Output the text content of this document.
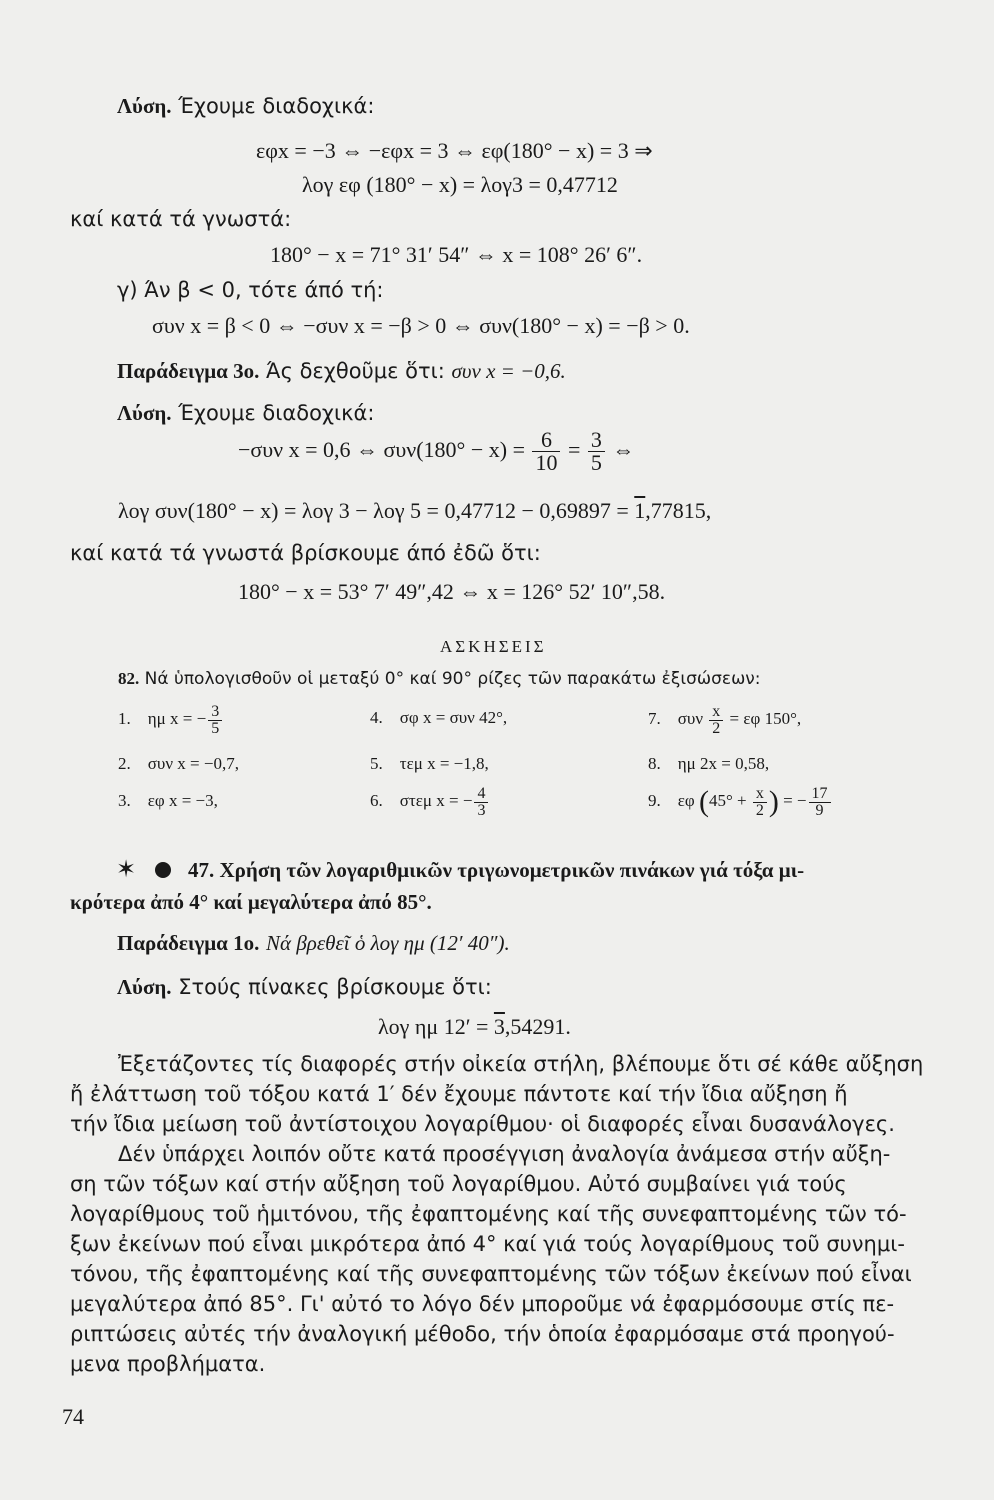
Λύση. Έχουμε διαδοχικά:
εφx = −3 ⇔ −εφx = 3 ⇔ εφ(180° − x) = 3 ⇒
λογ εφ (180° − x) = λογ3 = 0,47712
καί κατά τά γνωστά:
180° − x = 71° 31′ 54″ ⇔ x = 108° 26′ 6″.
γ) Άν β < 0, τότε άπό τή:
συν x = β < 0 ⇔ −συν x = −β > 0 ⇔ συν(180° − x) = −β > 0.
Παράδειγμα 3ο. Άς δεχθοῦμε ὅτι: συν x = −0,6.
Λύση. Έχουμε διαδοχικά:
−συν x = 0,6 ⇔ $\sigma\upsilon\nu(180^\circ - x) = \frac{6}{10} = \frac{3}{5}$ ⇔
λογ συν(180° − x) = λογ 3 − λογ 5 = 0,47712 − 0,69897 = 1,77815,
καί κατά τά γνωστά βρίσκουμε άπό ἐδῶ ὅτι:
180° − x = 53° 7′ 49″,42 ⇔ x = 126° 52′ 10″,58.
ΑΣΚΗΣΕΙΣ
82. Νά ὑπολογισθοῦν οἱ μεταξύ 0° καί 90° ρίζες τῶν παρακάτω ἐξισώσεων:
1. ημ x = − $\frac{3}{5}$	4. σφ x = συν 42°,	7. συν $\frac{x}{2} = \varepsilon\varphi$ 150°,
2. συν x = −0,7,	5. τεμ x = −1,8,	8. ημ 2x = 0,58,
3. εφ x = −3,	6. στεμ x = − $\frac{4}{3}$	9. εφ ($45^\circ + \frac{x}{2}$ ) = − $\frac{17}{9}$
✶ 47. Χρήση τῶν λογαριθμικῶν τριγωνομετρικῶν πινάκων γιά τόξα μι-
κρότερα ἀπό 4° καί μεγαλύτερα ἀπό 85°.
Παράδειγμα 1ο. Νά βρεθεῖ ὁ λογ ημ (12′ 40″).
Λύση. Στούς πίνακες βρίσκουμε ὅτι:
λογ ημ 12′ = 3,54291.
Ἐξετάζοντες τίς διαφορές στήν οἰκεία στήλη, βλέπουμε ὅτι σέ κάθε αὔξηση
ἤ ἐλάττωση τοῦ τόξου κατά 1′ δέν ἔχουμε πάντοτε καί τήν ἴδια αὔξηση ἤ
τήν ἴδια μείωση τοῦ ἀντίστοιχου λογαρίθμου· οἱ διαφορές εἶναι δυσανάλογες.
Δέν ὑπάρχει λοιπόν οὔτε κατά προσέγγιση ἀναλογία ἀνάμεσα στήν αὔξη-
ση τῶν τόξων καί στήν αὔξηση τοῦ λογαρίθμου. Αὐτό συμβαίνει γιά τούς
λογαρίθμους τοῦ ἡμιτόνου, τῆς ἐφαπτομένης καί τῆς συνεφαπτομένης τῶν τό-
ξων ἐκείνων πού εἶναι μικρότερα ἀπό 4° καί γιά τούς λογαρίθμους τοῦ συνημι-
τόνου, τῆς ἐφαπτομένης καί τῆς συνεφαπτομένης τῶν τόξων ἐκείνων πού εἶναι
μεγαλύτερα ἀπό 85°. Γι' αὐτό το λόγο δέν μποροῦμε νά ἐφαρμόσουμε στίς πε-
ριπτώσεις αὐτές τήν ἀναλογική μέθοδο, τήν ὁποία ἐφαρμόσαμε στά προηγού-
μενα προβλήματα.
74
